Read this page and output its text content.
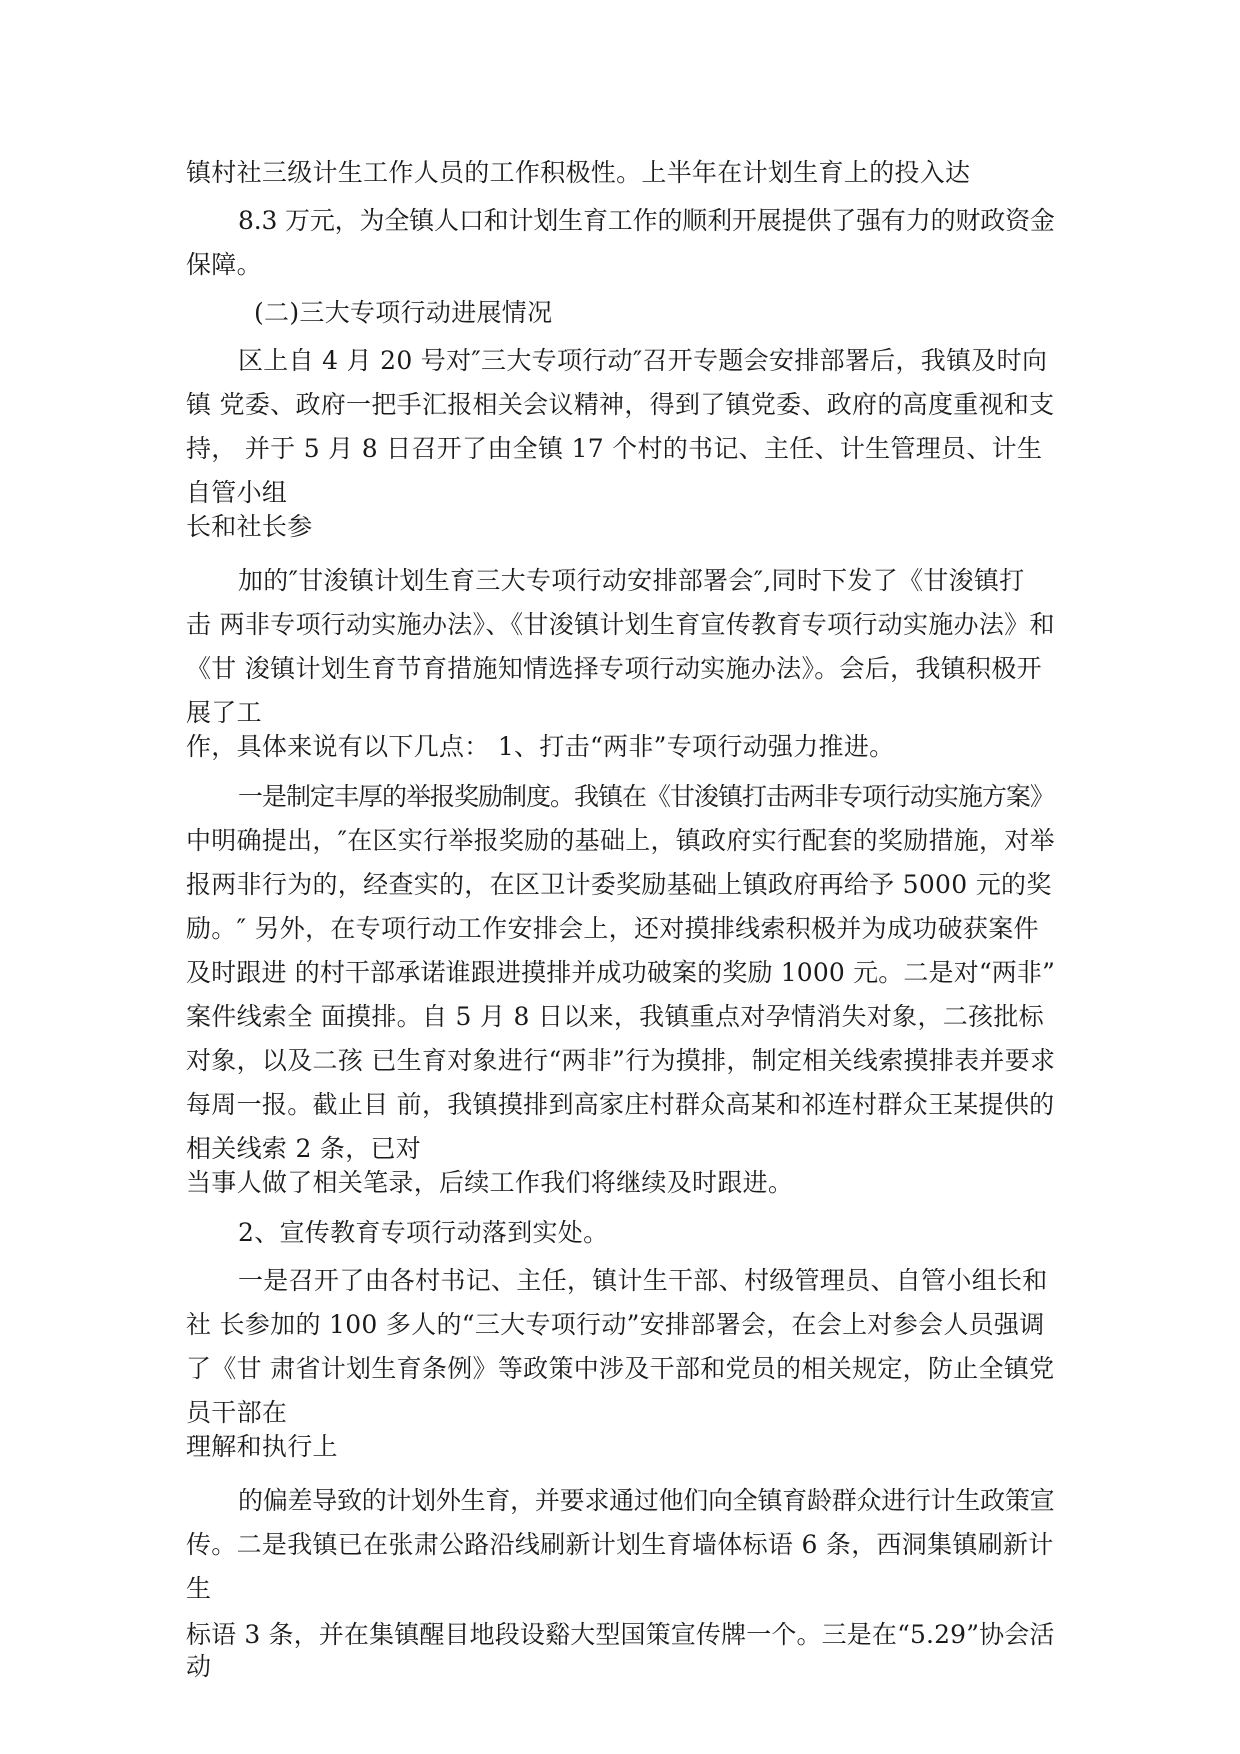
镇村社三级计生工作人员的工作积极性。上半年在计划生育上的投入达
8.3 万元，为全镇人口和计划生育工作的顺利开展提供了强有力的财政资金
保障。
(二)三大专项行动进展情况
区上自 4 月 20 号对″三大专项行动″召开专题会安排部署后，我镇及时向
镇 党委、政府一把手汇报相关会议精神，得到了镇党委、政府的高度重视和支
持， 并于 5 月 8 日召开了由全镇 17 个村的书记、主任、计生管理员、计生
自管小组
长和社长参
加的″甘浚镇计划生育三大专项行动安排部署会″,同时下发了《甘浚镇打
击 两非专项行动实施办法》、《甘浚镇计划生育宣传教育专项行动实施办法》和
《甘 浚镇计划生育节育措施知情选择专项行动实施办法》。会后，我镇积极开
展了工
作，具体来说有以下几点： 1、打击“两非”专项行动强力推进。
一是制定丰厚的举报奖励制度。我镇在《甘浚镇打击两非专项行动实施方案》
中明确提出，″在区实行举报奖励的基础上，镇政府实行配套的奖励措施，对举
报两非行为的，经查实的，在区卫计委奖励基础上镇政府再给予 5000 元的奖
励。″ 另外，在专项行动工作安排会上，还对摸排线索积极并为成功破获案件
及时跟进 的村干部承诺谁跟进摸排并成功破案的奖励 1000 元。二是对“两非”
案件线索全 面摸排。自 5 月 8 日以来，我镇重点对孕情消失对象，二孩批标
对象，以及二孩 已生育对象进行“两非”行为摸排，制定相关线索摸排表并要求
每周一报。截止目 前，我镇摸排到高家庄村群众高某和祁连村群众王某提供的
相关线索 2 条，已对
当事人做了相关笔录，后续工作我们将继续及时跟进。
2、宣传教育专项行动落到实处。
一是召开了由各村书记、主任，镇计生干部、村级管理员、自管小组长和
社 长参加的 100 多人的“三大专项行动”安排部署会，在会上对参会人员强调
了《甘 肃省计划生育条例》等政策中涉及干部和党员的相关规定，防止全镇党
员干部在
理解和执行上
的偏差导致的计划外生育，并要求通过他们向全镇育龄群众进行计生政策宣
传。二是我镇已在张肃公路沿线刷新计划生育墙体标语 6 条，西洞集镇刷新计
生
标语 3 条，并在集镇醒目地段设谿大型国策宣传牌一个。三是在“5.29”协会活
动
